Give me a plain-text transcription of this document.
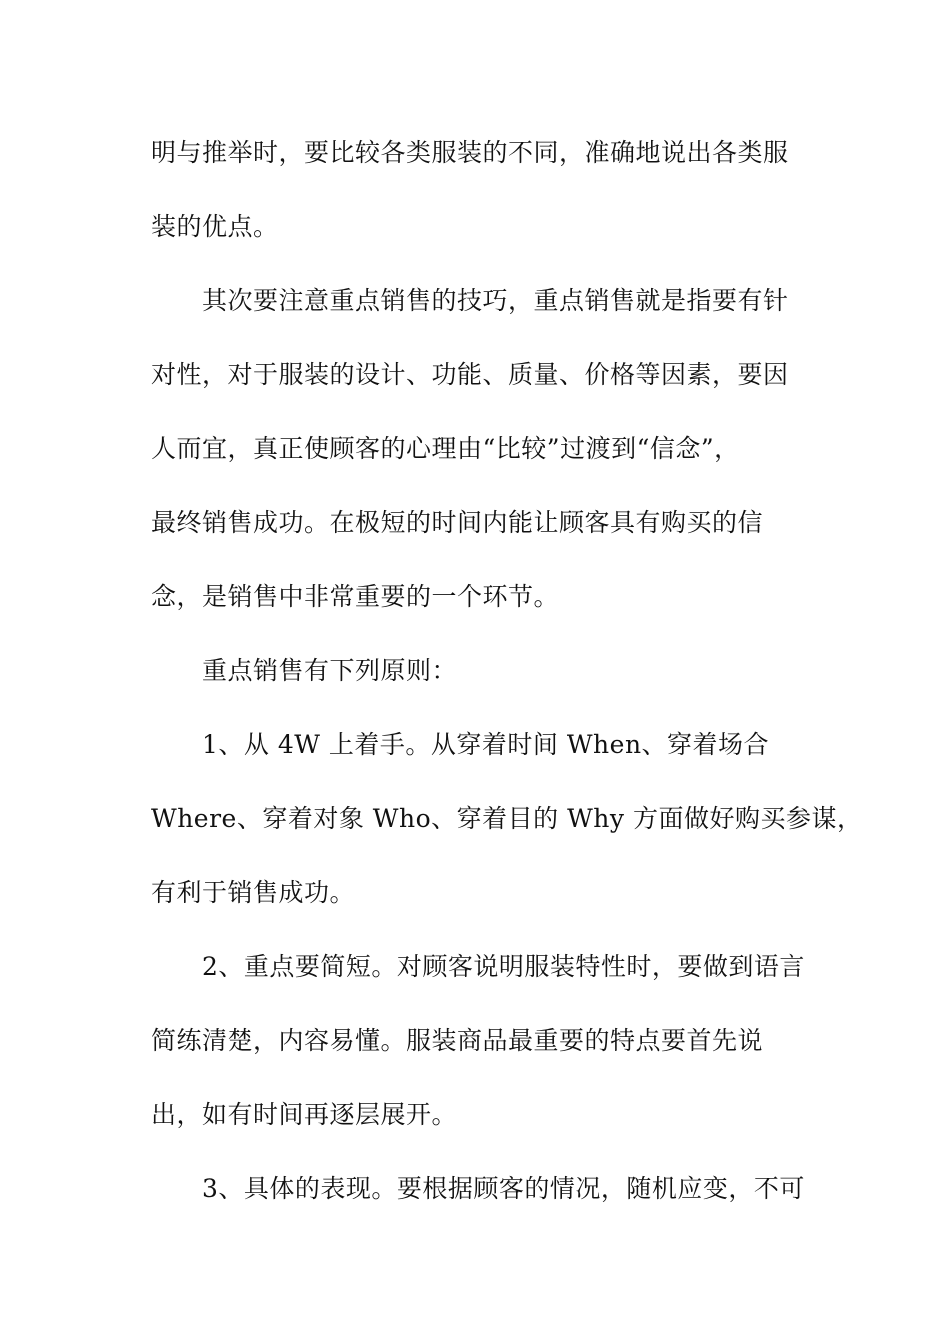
明与推举时，要比较各类服装的不同，准确地说出各类服
装的优点。
其次要注意重点销售的技巧，重点销售就是指要有针
对性，对于服装的设计、功能、质量、价格等因素，要因
人而宜，真正使顾客的心理由“比较”过渡到“信念”，
最终销售成功。在极短的时间内能让顾客具有购买的信
念，是销售中非常重要的一个环节。
重点销售有下列原则：
1、从 4W 上着手。从穿着时间 When、穿着场合
Where、穿着对象 Who、穿着目的 Why 方面做好购买参谋，
有利于销售成功。
2、重点要简短。对顾客说明服装特性时，要做到语言
简练清楚，内容易懂。服装商品最重要的特点要首先说
出，如有时间再逐层展开。
3、具体的表现。要根据顾客的情况，随机应变，不可
